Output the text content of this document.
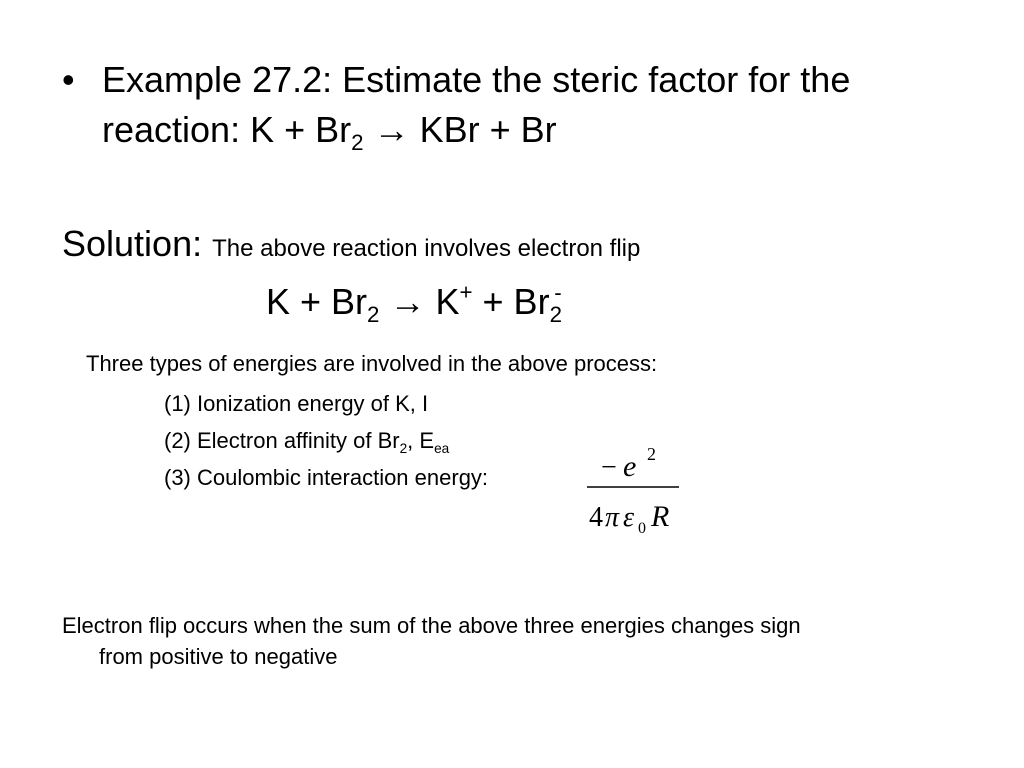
• Example 27.2: Estimate the steric factor for the
reaction: $K + Br_2$ → KBr + Br
Solution: The above reaction involves electron flip
$K + Br_2 \to K^+ + Br_2^-$
Three types of energies are involved in the above process:
(1) Ionization energy of K, I
(2) Electron affinity of $Br_2$, $E_{ea}$
(3) Coulombic interaction energy:	− e 2
4 π ε 0 R
Electron flip occurs when the sum of the above three energies changes sign
from positive to negative
